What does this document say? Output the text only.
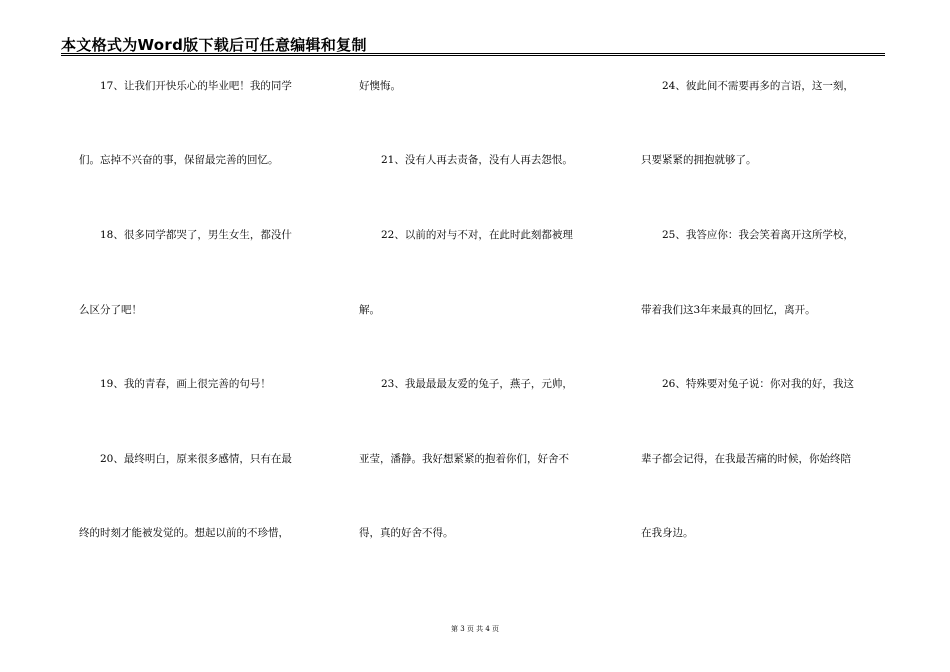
本文格式为Word版下载后可任意编辑和复制
17、让我们开快乐心的毕业吧！我的同学
们。忘掉不兴奋的事，保留最完善的回忆。
18、很多同学都哭了，男生女生，都没什
么区分了吧！
19、我的青春，画上很完善的句号！
20、最终明白，原来很多感情，只有在最
终的时刻才能被发觉的。想起以前的不珍惜，
好懊悔。
21、没有人再去责备，没有人再去怨恨。
22、以前的对与不对，在此时此刻都被理
解。
23、我最最最友爱的兔子，燕子，元帅，
亚莹，潘静。我好想紧紧的抱着你们，好舍不
得，真的好舍不得。
24、彼此间不需要再多的言语，这一刻，
只要紧紧的拥抱就够了。
25、我答应你：我会笑着离开这所学校，
带着我们这3年来最真的回忆，离开。
26、特殊要对兔子说：你对我的好，我这
辈子都会记得，在我最苦痛的时候，你始终陪
在我身边。
第 3 页 共 4 页
